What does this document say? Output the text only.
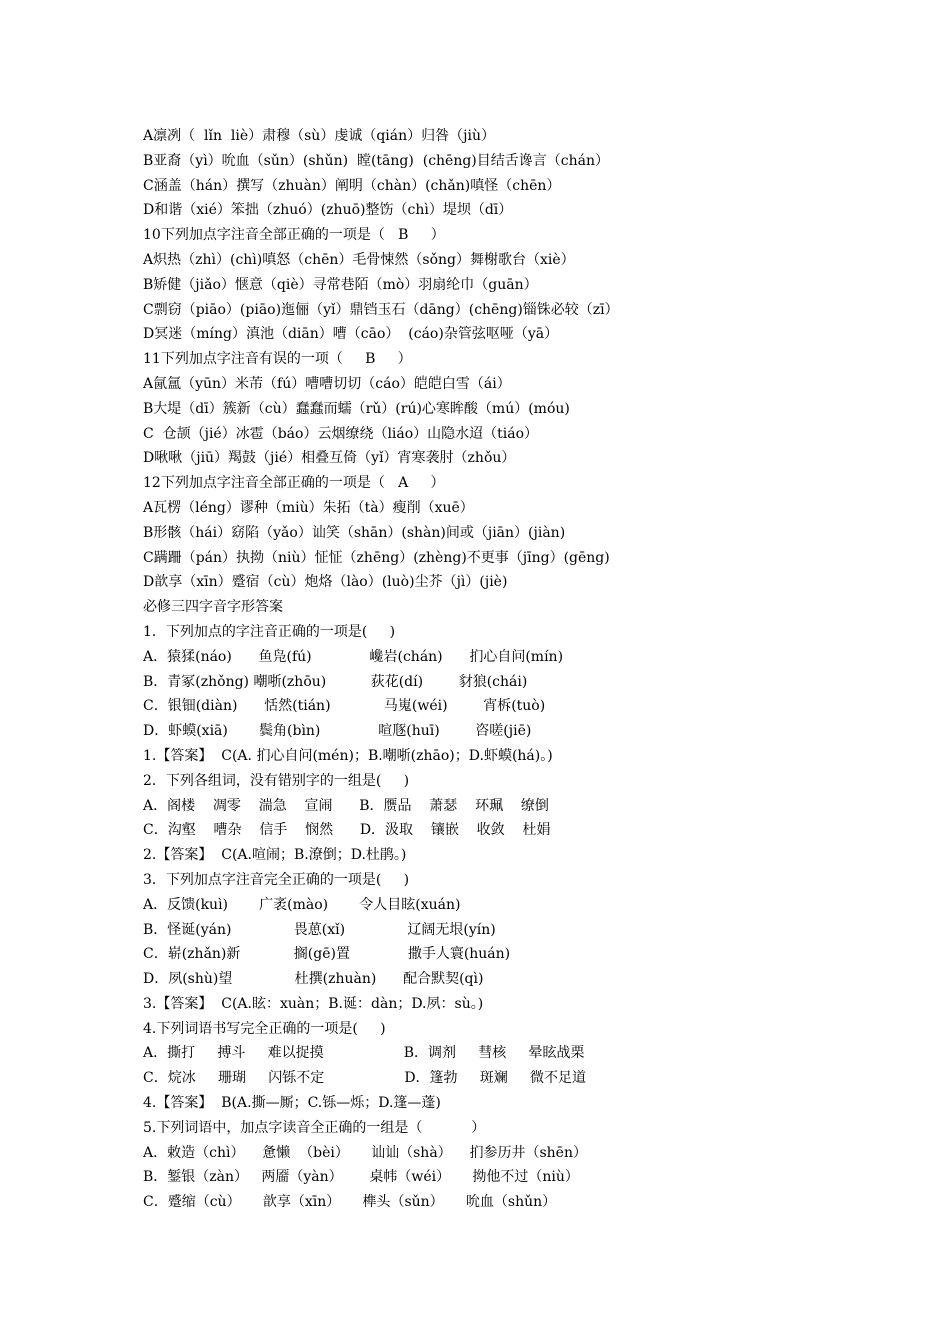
A凛冽（  lǐn  liè）肃穆（sù）虔诚（qián）归咎（jiù）
B亚裔（yì）吮血（sǔn）(shǔn)  瞠(tāng)  (chēng)目结舌谗言（chán）
C涵盖（hán）撰写（zhuàn）阐明（chàn）(chǎn)嗔怪（chēn）
D和谐（xié）笨拙（zhuó）(zhuō)整饬（chì）堤坝（dī）
10下列加点字注音全部正确的一项是（   B     ）
A炽热（zhì）(chì)嗔怒（chēn）毛骨悚然（sǒng）舞榭歌台（xiè）
B矫健（jiǎo）惬意（qiè）寻常巷陌（mò）羽扇纶巾（guān）
C剽窃（piāo）(piāo)迤俪（yǐ）鼎铛玉石（dāng）(chēng)锱铢必较（zī）
D冥迷（míng）滇池（diān）嘈（cāo）  (cáo)杂管弦呕哑（yā）
11下列加点字注音有误的一项（     B     ）
A氤氲（yūn）米芾（fú）嘈嘈切切（cáo）皑皑白雪（ái）
B大堤（dī）簇新（cù）蠢蠢而蠕（rǔ）(rú)心寒眸酸（mú）(móu)
C  仓颉（jié）冰雹（báo）云烟缭绕（liáo）山隐水迢（tiáo）
D啾啾（jiū）羯鼓（jié）相叠互倚（yǐ）宵寒袭肘（zhǒu）
12下列加点字注音全部正确的一项是（   A     ）
A瓦楞（léng）谬种（miù）朱拓（tà）瘦削（xuē）
B形骸（hái）窈陷（yǎo）讪笑（shān）(shàn)间或（jiān）(jiàn)
C蹒跚（pán）执拗（niù）怔怔（zhēng）(zhèng)不更事（jīng）(gēng)
D歆享（xīn）蹙宿（cù）炮烙（lào）(luò)尘芥（jì）(jiè)
必修三四字音字形答案
1．下列加点的字注音正确的一项是(     )
A．猿猱(náo)      鱼凫(fú)             巉岩(chán)      扪心自问(mín)
B．青冢(zhǒng) 嘲哳(zhōu)          荻花(dí)        豺狼(chái)
C．银钿(diàn)      恬然(tián)            马嵬(wéi)        宵柝(tuò)
D．虾蟆(xiā)       鬓角(bìn)             喧豗(huī)        咨嗟(jiē)
1.【答案】  C(A. 扪心自问(mén)；B.嘲哳(zhāo)；D.虾蟆(há)。)
2．下列各组词，没有错别字的一组是(     )
A．阁楼    凋零    湍急    宣闹      B．赝品    萧瑟    环珮    缭倒
C．沟壑    嘈杂    信手    悯然      D．汲取    镶嵌    收敛    杜娟
2.【答案】  C(A.喧闹；B.潦倒；D.杜鹃。)
3．下列加点字注音完全正确的一项是(     )
A．反馈(kuì)       广袤(mào)       令人目眩(xuán)
B．怪诞(yán)              畏葸(xǐ)              辽阔无垠(yín)
C．崭(zhǎn)新            搁(gē)置             撒手人寰(huán)
D．夙(shù)望              杜撰(zhuàn)      配合默契(qì)
3.【答案】  C(A.眩：xuàn；B.诞：dàn；D.夙：sù。)
4.下列词语书写完全正确的一项是(     )
A．撕打     搏斗     难以捉摸                  B．调剂     彗核     晕眩战栗
C．烷冰     珊瑚     闪铄不定                  D．篷勃     斑斓     微不足道
4.【答案】  B(A.撕—厮；C.铄—烁；D.篷—蓬)
5.下列词语中，加点字读音全正确的一组是（           ）
A．敕造（chì）    惫懒  （bèi）     讪讪（shà）    扪参历井（shēn）
B．錾银（zàn）   两靥（yàn）      桌帏（wéi）     拗他不过（niù）
C．蹙缩（cù）     歆享（xīn）     榫头（sǔn）     吮血（shǔn）
